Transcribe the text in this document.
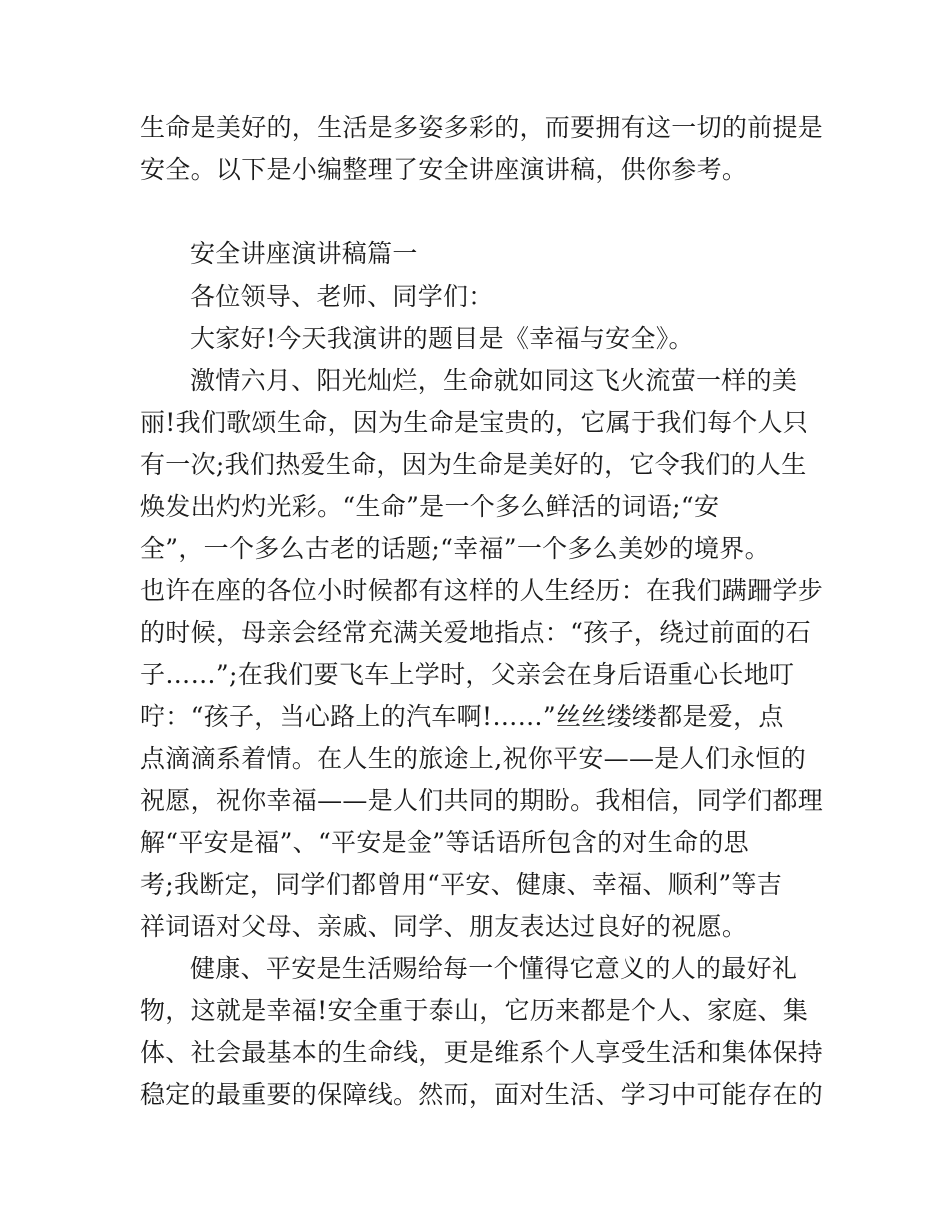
生命是美好的，生活是多姿多彩的，而要拥有这一切的前提是
安全。以下是小编整理了安全讲座演讲稿，供你参考。
安全讲座演讲稿篇一
各位领导、老师、同学们：
大家好!今天我演讲的题目是《幸福与安全》。
激情六月、阳光灿烂，生命就如同这飞火流萤一样的美
丽!我们歌颂生命，因为生命是宝贵的，它属于我们每个人只
有一次;我们热爱生命，因为生命是美好的，它令我们的人生
焕发出灼灼光彩。“生命”是一个多么鲜活的词语;“安
全”，一个多么古老的话题;“幸福”一个多么美妙的境界。
也许在座的各位小时候都有这样的人生经历：在我们蹒跚学步
的时候，母亲会经常充满关爱地指点：“孩子，绕过前面的石
子……”;在我们要飞车上学时，父亲会在身后语重心长地叮
咛：“孩子，当心路上的汽车啊!……”丝丝缕缕都是爱，点
点滴滴系着情。在人生的旅途上,祝你平安——是人们永恒的
祝愿，祝你幸福——是人们共同的期盼。我相信，同学们都理
解“平安是福”、“平安是金”等话语所包含的对生命的思
考;我断定，同学们都曾用“平安、健康、幸福、顺利”等吉
祥词语对父母、亲戚、同学、朋友表达过良好的祝愿。
健康、平安是生活赐给每一个懂得它意义的人的最好礼
物，这就是幸福!安全重于泰山，它历来都是个人、家庭、集
体、社会最基本的生命线，更是维系个人享受生活和集体保持
稳定的最重要的保障线。然而，面对生活、学习中可能存在的
